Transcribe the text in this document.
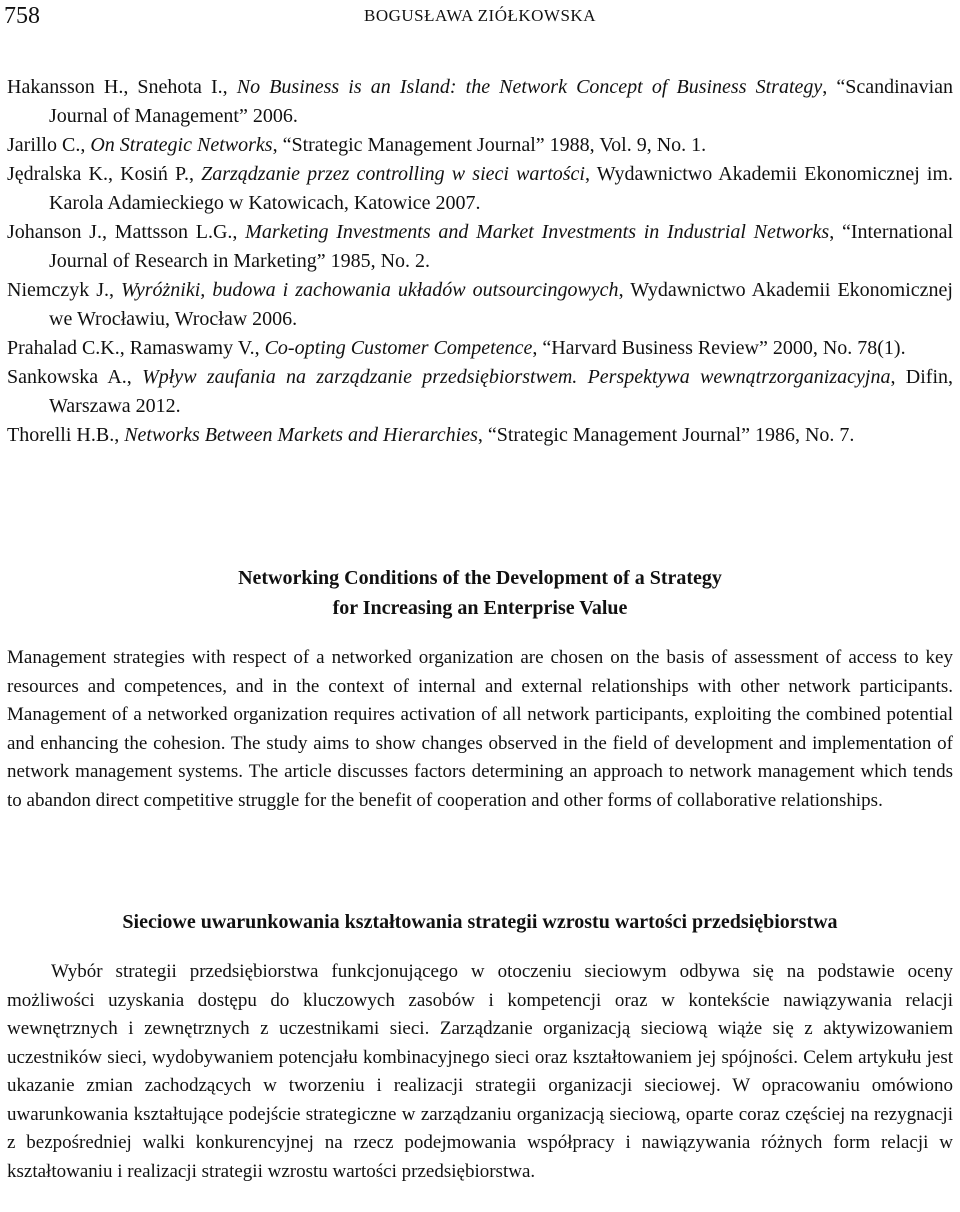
758	BOGUSŁAWA ZIÓŁKOWSKA

Hakansson H., Snehota I., No Business is an Island: the Network Concept of Business Strategy, “Scandinavian Journal of Management” 2006.

Jarillo C., On Strategic Networks, “Strategic Management Journal” 1988, Vol. 9, No. 1.

Jędralska K., Kosiń P., Zarządzanie przez controlling w sieci wartości, Wydawnictwo Akademii Ekonomicznej im. Karola Adamieckiego w Katowicach, Katowice 2007.

Johanson J., Mattsson L.G., Marketing Investments and Market Investments in Industrial Networks, “International Journal of Research in Marketing” 1985, No. 2.

Niemczyk J., Wyróżniki, budowa i zachowania układów outsourcingowych, Wydawnictwo Akademii Ekonomicznej we Wrocławiu, Wrocław 2006.

Prahalad C.K., Ramaswamy V., Co-opting Customer Competence, “Harvard Business Review” 2000, No. 78(1).

Sankowska A., Wpływ zaufania na zarządzanie przedsiębiorstwem. Perspektywa wewnątrzorganizacyjna, Difin, Warszawa 2012.

Thorelli H.B., Networks Between Markets and Hierarchies, “Strategic Management Journal” 1986, No. 7.

Networking Conditions of the Development of a Strategy
for Increasing an Enterprise Value

Management strategies with respect of a networked organization are chosen on the basis of assessment of access to key resources and competences, and in the context of internal and external relationships with other network participants. Management of a networked organization requires activation of all network participants, exploiting the combined potential and enhancing the cohesion. The study aims to show changes observed in the field of development and implementation of network management systems. The article discusses factors determining an approach to network management which tends to abandon direct competitive struggle for the benefit of cooperation and other forms of collaborative relationships.

Sieciowe uwarunkowania kształtowania strategii wzrostu wartości przedsiębiorstwa

Wybór strategii przedsiębiorstwa funkcjonującego w otoczeniu sieciowym odbywa się na podstawie oceny możliwości uzyskania dostępu do kluczowych zasobów i kompetencji oraz w kontekście nawiązywania relacji wewnętrznych i zewnętrznych z uczestnikami sieci. Zarządzanie organizacją sieciową wiąże się z aktywizowaniem uczestników sieci, wydobywaniem potencjału kombinacyjnego sieci oraz kształtowaniem jej spójności. Celem artykułu jest ukazanie zmian zachodzących w tworzeniu i realizacji strategii organizacji sieciowej. W opracowaniu omówiono uwarunkowania kształtujące podejście strategiczne w zarządzaniu organizacją sieciową, oparte coraz częściej na rezygnacji z bezpośredniej walki konkurencyjnej na rzecz podejmowania współpracy i nawiązywania różnych form relacji w kształtowaniu i realizacji strategii wzrostu wartości przedsiębiorstwa.
